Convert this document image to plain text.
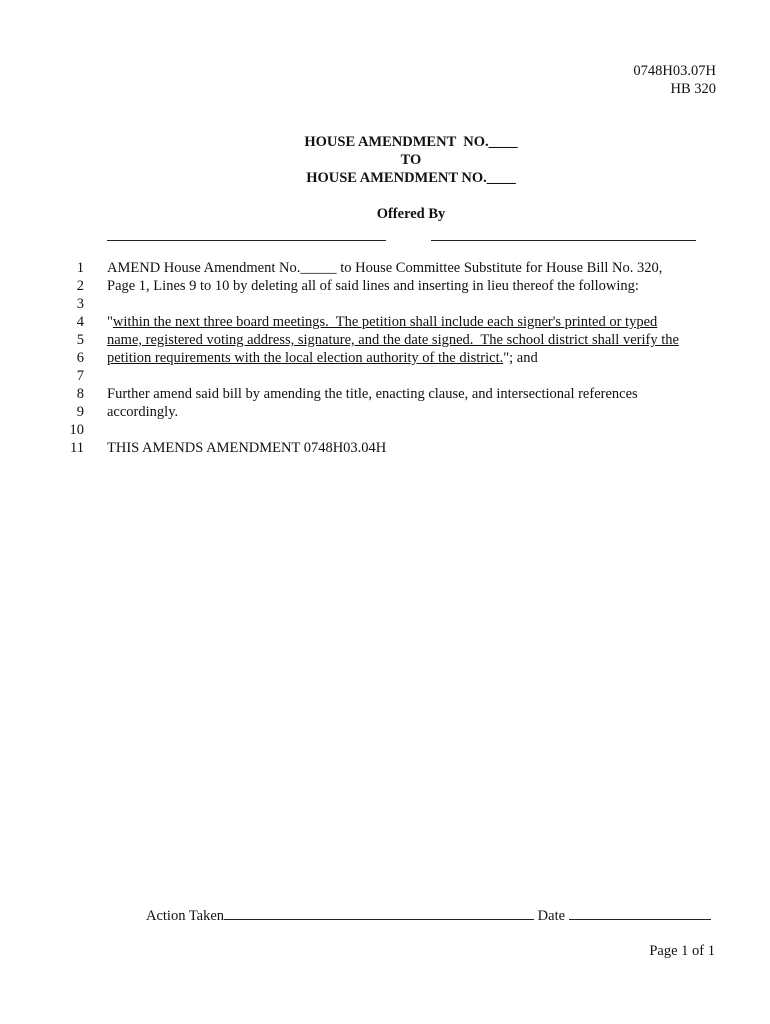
0748H03.07H
HB 320
HOUSE AMENDMENT  NO.____
TO
HOUSE AMENDMENT NO.____
Offered By
1 AMEND House Amendment No._____ to House Committee Substitute for House Bill No. 320,
2 Page 1, Lines 9 to 10 by deleting all of said lines and inserting in lieu thereof the following:
3
4 "within the next three board meetings.  The petition shall include each signer's printed or typed
5 name, registered voting address, signature, and the date signed.  The school district shall verify the
6 petition requirements with the local election authority of the district."; and
7
8 Further amend said bill by amending the title, enacting clause, and intersectional references
9 accordingly.
10
11 THIS AMENDS AMENDMENT 0748H03.04H
Action Taken	Date
Page 1 of 1
